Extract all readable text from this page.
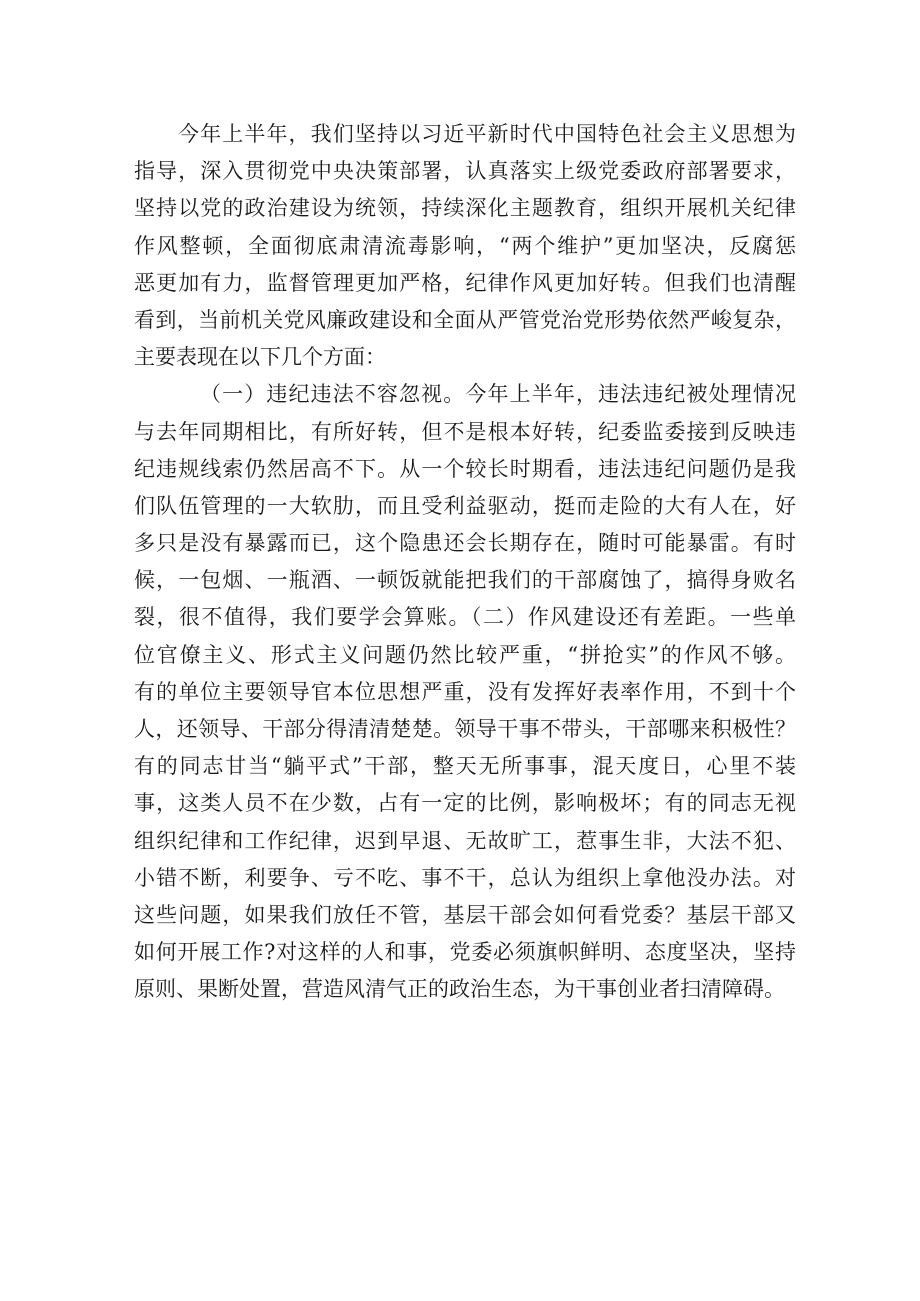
今年上半年，我们坚持以习近平新时代中国特色社会主义思想为
指导，深入贯彻党中央决策部署，认真落实上级党委政府部署要求，
坚持以党的政治建设为统领，持续深化主题教育，组织开展机关纪律
作风整顿，全面彻底肃清流毒影响，“两个维护”更加坚决，反腐惩
恶更加有力，监督管理更加严格，纪律作风更加好转。但我们也清醒
看到，当前机关党风廉政建设和全面从严管党治党形势依然严峻复杂，
主要表现在以下几个方面：
（一）违纪违法不容忽视。今年上半年，违法违纪被处理情况
与去年同期相比，有所好转，但不是根本好转，纪委监委接到反映违
纪违规线索仍然居高不下。从一个较长时期看，违法违纪问题仍是我
们队伍管理的一大软肋，而且受利益驱动，挺而走险的大有人在，好
多只是没有暴露而已，这个隐患还会长期存在，随时可能暴雷。有时
候，一包烟、一瓶酒、一顿饭就能把我们的干部腐蚀了，搞得身败名
裂，很不值得，我们要学会算账。（二）作风建设还有差距。一些单
位官僚主义、形式主义问题仍然比较严重，“拼抢实”的作风不够。
有的单位主要领导官本位思想严重，没有发挥好表率作用，不到十个
人，还领导、干部分得清清楚楚。领导干事不带头，干部哪来积极性？
有的同志甘当“躺平式”干部，整天无所事事，混天度日，心里不装
事，这类人员不在少数，占有一定的比例，影响极坏；有的同志无视
组织纪律和工作纪律，迟到早退、无故旷工，惹事生非，大法不犯、
小错不断，利要争、亏不吃、事不干，总认为组织上拿他没办法。对
这些问题，如果我们放任不管，基层干部会如何看党委？基层干部又
如何开展工作?对这样的人和事，党委必须旗帜鲜明、态度坚决，坚持
原则、果断处置，营造风清气正的政治生态，为干事创业者扫清障碍。
